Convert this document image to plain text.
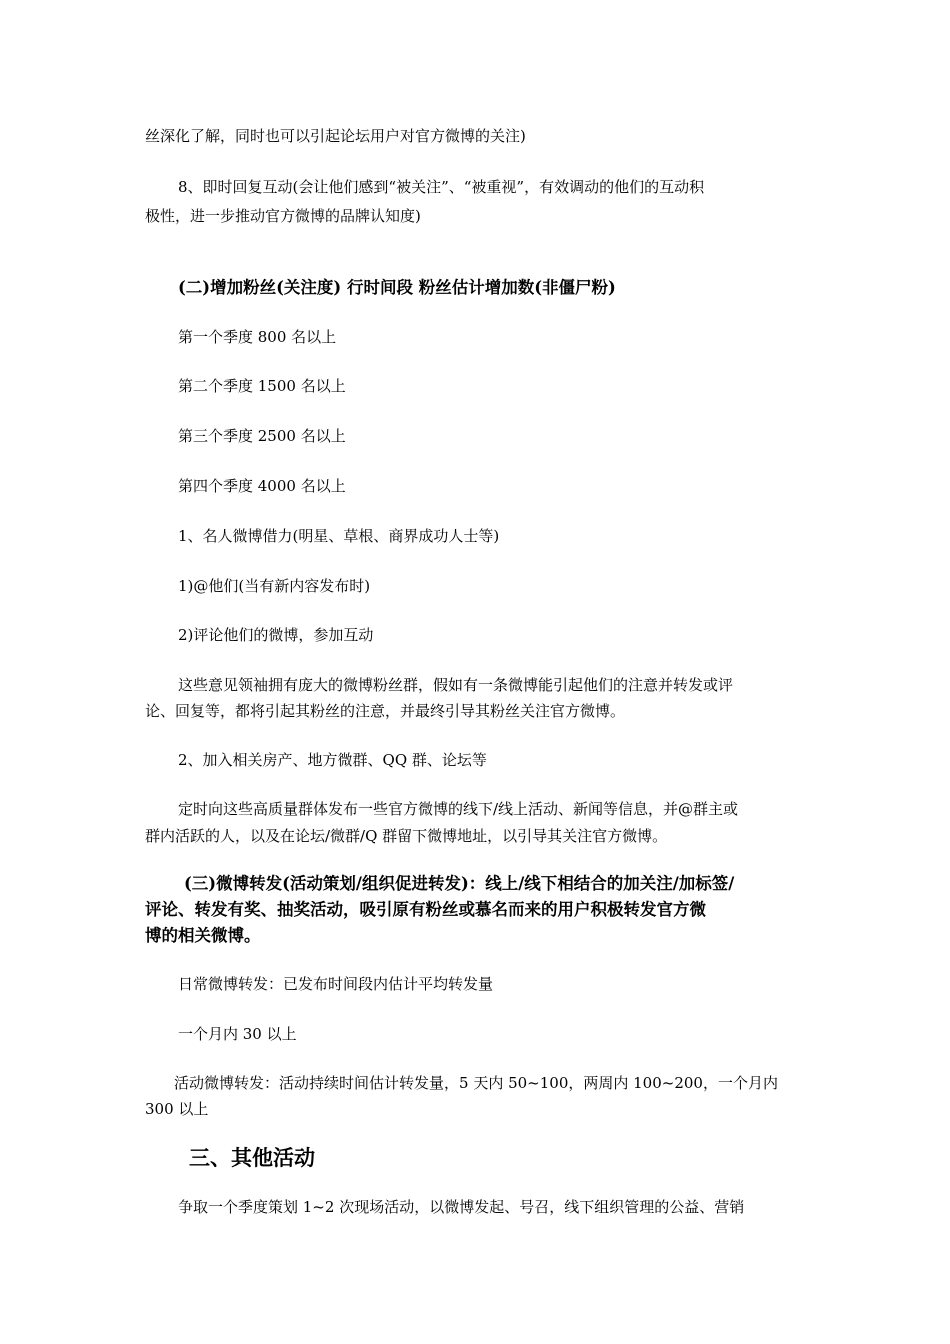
丝深化了解，同时也可以引起论坛用户对官方微博的关注)
8、即时回复互动(会让他们感到“被关注”、“被重视”，有效调动的他们的互动积
极性，进一步推动官方微博的品牌认知度)
(二)增加粉丝(关注度) 行时间段 粉丝估计增加数(非僵尸粉)
第一个季度 800 名以上
第二个季度 1500 名以上
第三个季度 2500 名以上
第四个季度 4000 名以上
1、名人微博借力(明星、草根、商界成功人士等)
1)@他们(当有新内容发布时)
2)评论他们的微博，参加互动
这些意见领袖拥有庞大的微博粉丝群，假如有一条微博能引起他们的注意并转发或评
论、回复等，都将引起其粉丝的注意，并最终引导其粉丝关注官方微博。
2、加入相关房产、地方微群、QQ 群、论坛等
定时向这些高质量群体发布一些官方微博的线下/线上活动、新闻等信息，并@群主或
群内活跃的人，以及在论坛/微群/Q 群留下微博地址，以引导其关注官方微博。
(三)微博转发(活动策划/组织促进转发)：线上/线下相结合的加关注/加标签/
评论、转发有奖、抽奖活动，吸引原有粉丝或慕名而来的用户积极转发官方微
博的相关微博。
日常微博转发：已发布时间段内估计平均转发量
一个月内 30 以上
活动微博转发：活动持续时间估计转发量，5 天内 50~100，两周内 100~200，一个月内
300 以上
三、其他活动
争取一个季度策划 1~2 次现场活动，以微博发起、号召，线下组织管理的公益、营销
